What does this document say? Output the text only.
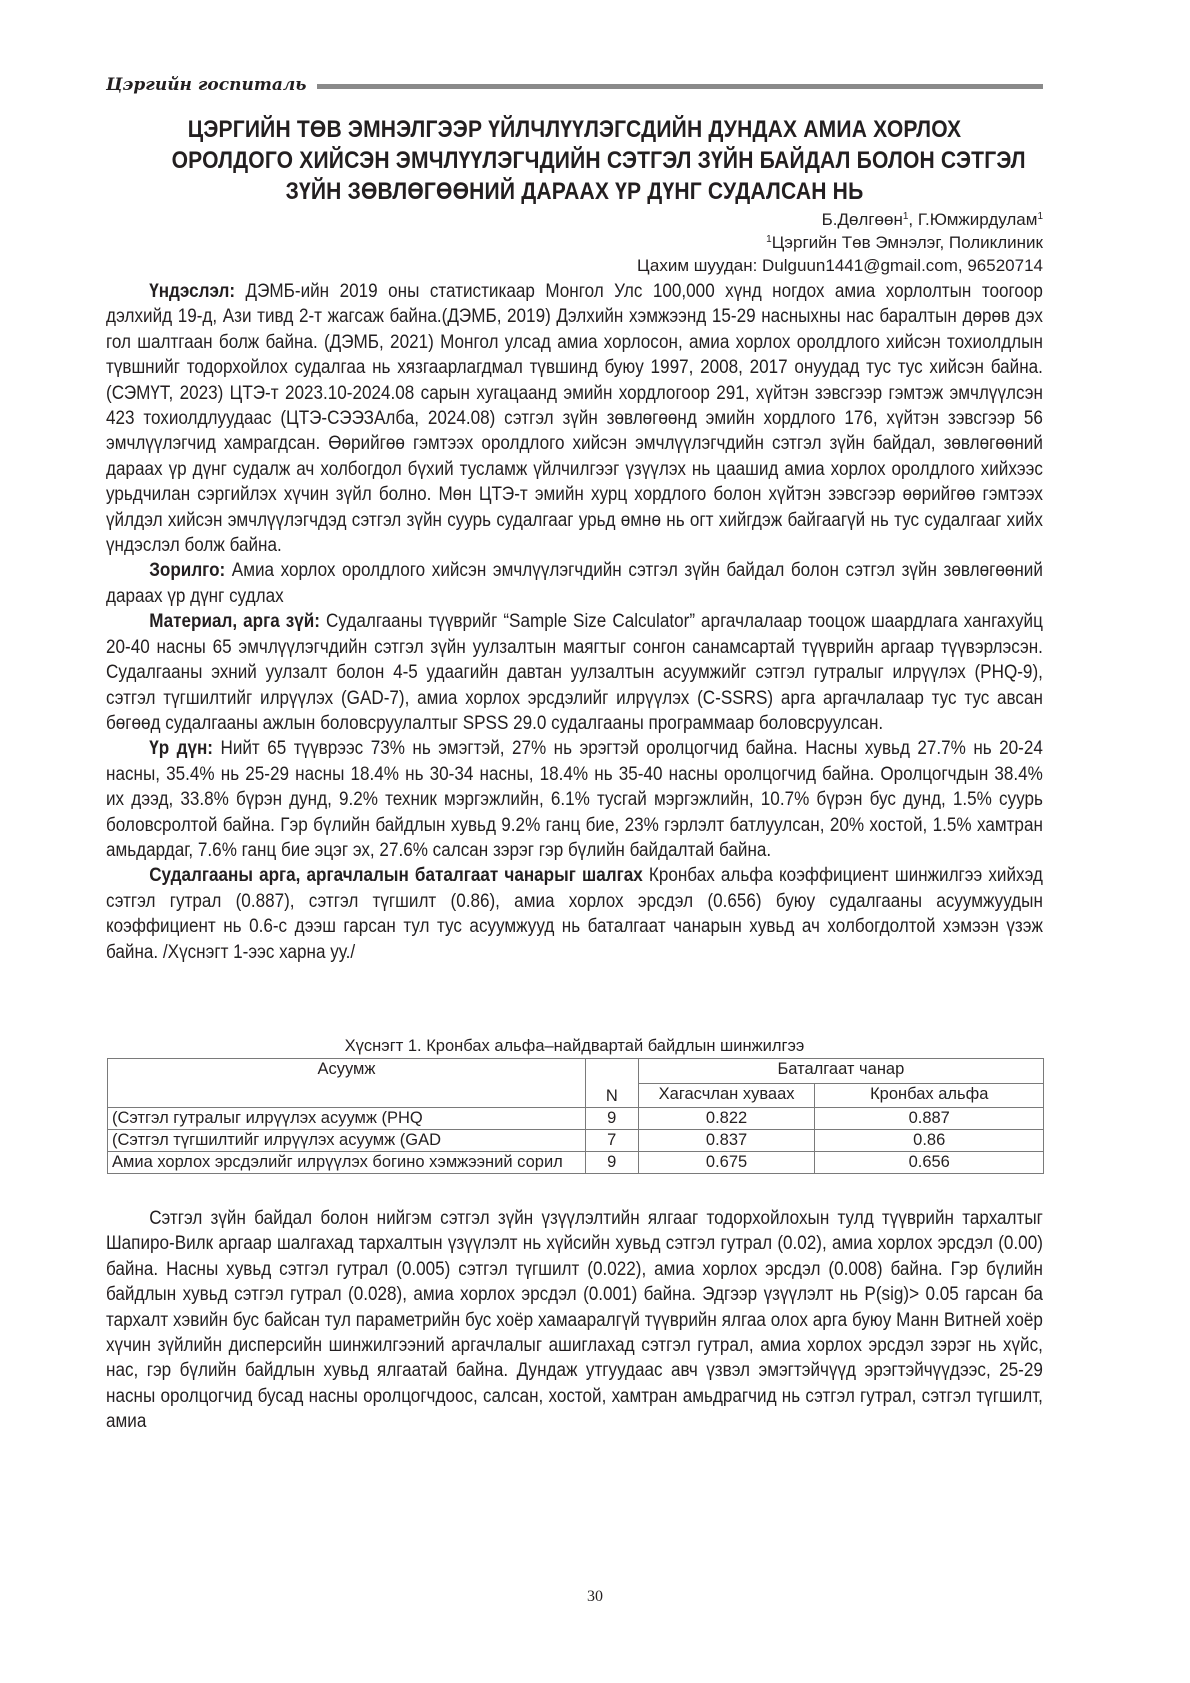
Цэргийн госпиталь
ЦЭРГИЙН ТӨВ ЭМНЭЛГЭЭР ҮЙЛЧЛҮҮЛЭГСДИЙН ДУНДАХ АМИА ХОРЛОХ
ОРОЛДОГО ХИЙСЭН ЭМЧЛҮҮЛЭГЧДИЙН СЭТГЭЛ ЗҮЙН БАЙДАЛ БОЛОН СЭТГЭЛ
ЗҮЙН ЗӨВЛӨГӨӨНИЙ ДАРААХ ҮР ДҮНГ СУДАЛСАН НЬ
Б.Дөлгөөн$^1$, Г.Юмжирдулам$^1$
$^1$Цэргийн Төв Эмнэлэг, Поликлиник
Цахим шуудан: Dulguun1441@gmail.com, 96520714

Үндэслэл: ДЭМБ-ийн 2019 оны статистикаар Монгол Улс 100,000 хүнд ногдох амиа хорлолтын тоогоор дэлхийд 19-д, Ази тивд 2-т жагсаж байна.(ДЭМБ, 2019) Дэлхийн хэмжээнд 15-29 насныхны нас баралтын дөрөв дэх гол шалтгаан болж байна. (ДЭМБ, 2021) Монгол улсад амиа хорлосон, амиа хорлох оролдлого хийсэн тохиолдлын түвшнийг тодорхойлох судалгаа нь хязгаарлагдмал түвшинд буюу 1997, 2008, 2017 онуудад тус тус хийсэн байна. (СЭМҮТ, 2023) ЦТЭ-т 2023.10-2024.08 сарын хугацаанд эмийн хордлогоор 291, хүйтэн зэвсгээр гэмтэж эмчлүүлсэн 423 тохиолдлуудаас (ЦТЭ-СЭЭЗАлба, 2024.08) сэтгэл зүйн зөвлөгөөнд эмийн хордлого 176, хүйтэн зэвсгээр 56 эмчлүүлэгчид хамрагдсан. Өөрийгөө гэмтээх оролдлого хийсэн эмчлүүлэгчдийн сэтгэл зүйн байдал, зөвлөгөөний дараах үр дүнг судалж ач холбогдол бүхий тусламж үйлчилгээг үзүүлэх нь цаашид амиа хорлох оролдлого хийхээс урьдчилан сэргийлэх хүчин зүйл болно. Мөн ЦТЭ-т эмийн хурц хордлого болон хүйтэн зэвсгээр өөрийгөө гэмтээх үйлдэл хийсэн эмчлүүлэгчдэд сэтгэл зүйн суурь судалгааг урьд өмнө нь огт хийгдэж байгаагүй нь тус судалгааг хийх үндэслэл болж байна.

Зорилго: Амиа хорлох оролдлого хийсэн эмчлүүлэгчдийн сэтгэл зүйн байдал болон сэтгэл зүйн зөвлөгөөний дараах үр дүнг судлах

Материал, арга зүй: Судалгааны түүврийг “Sample Size Calculator” аргачлалаар тооцож шаардлага хангахуйц 20-40 насны 65 эмчлүүлэгчдийн сэтгэл зүйн уулзалтын маягтыг сонгон санамсартай түүврийн аргаар түүвэрлэсэн. Судалгааны эхний уулзалт болон 4-5 удаагийн давтан уулзалтын асуумжийг сэтгэл гутралыг илрүүлэх (PHQ-9), сэтгэл түгшилтийг илрүүлэх (GAD-7), амиа хорлох эрсдэлийг илрүүлэх (C-SSRS) арга аргачлалаар тус тус авсан бөгөөд судалгааны ажлын боловсруулалтыг SPSS 29.0 судалгааны программаар боловсруулсан.

Үр дүн: Нийт 65 түүврээс 73% нь эмэгтэй, 27% нь эрэгтэй оролцогчид байна. Насны хувьд 27.7% нь 20-24 насны, 35.4% нь 25-29 насны 18.4% нь 30-34 насны, 18.4% нь 35-40 насны оролцогчид байна. Оролцогчдын 38.4% их дээд, 33.8% бүрэн дунд, 9.2% техник мэргэжлийн, 6.1% тусгай мэргэжлийн, 10.7% бүрэн бус дунд, 1.5% суурь боловсролтой байна. Гэр бүлийн байдлын хувьд 9.2% ганц бие, 23% гэрлэлт батлуулсан, 20% хостой, 1.5% хамтран амьдардаг, 7.6% ганц бие эцэг эх, 27.6% салсан зэрэг гэр бүлийн байдалтай байна.

Судалгааны арга, аргачлалын баталгаат чанарыг шалгах Кронбах альфа коэффициент шинжилгээ хийхэд сэтгэл гутрал (0.887), сэтгэл түгшилт (0.86), амиа хорлох эрсдэл (0.656) буюу судалгааны асуумжуудын коэффициент нь 0.6-с дээш гарсан тул тус асуумжууд нь баталгаат чанарын хувьд ач холбогдолтой хэмээн үзэж байна. /Хүснэгт 1-ээс харна уу./

Хүснэгт 1. Кронбах альфа–найдвартай байдлын шинжилгээ
Асуумж	N	Баталгаат чанар	
		Хагасчлан хуваах	Кронбах альфа
(Сэтгэл гутралыг илрүүлэх асуумж (PHQ	9	0.822	0.887
(Сэтгэл түгшилтийг илрүүлэх асуумж (GAD	7	0.837	0.86
Амиа хорлох эрсдэлийг илрүүлэх богино хэмжээний сорил	9	0.675	0.656

Сэтгэл зүйн байдал болон нийгэм сэтгэл зүйн үзүүлэлтийн ялгааг тодорхойлохын тулд түүврийн тархалтыг Шапиро-Вилк аргаар шалгахад тархалтын үзүүлэлт нь хүйсийн хувьд сэтгэл гутрал (0.02), амиа хорлох эрсдэл (0.00) байна. Насны хувьд сэтгэл гутрал (0.005) сэтгэл түгшилт (0.022), амиа хорлох эрсдэл (0.008) байна. Гэр бүлийн байдлын хувьд сэтгэл гутрал (0.028), амиа хорлох эрсдэл (0.001) байна. Эдгээр үзүүлэлт нь P(sig)> 0.05 гарсан ба тархалт хэвийн бус байсан тул параметрийн бус хоёр хамааралгүй түүврийн ялгаа олох арга буюу Манн Витней хоёр хүчин зүйлийн дисперсийн шинжилгээний аргачлалыг ашиглахад сэтгэл гутрал, амиа хорлох эрсдэл зэрэг нь хүйс, нас, гэр бүлийн байдлын хувьд ялгаатай байна. Дундаж утгуудаас авч үзвэл эмэгтэйчүүд эрэгтэйчүүдээс, 25-29 насны оролцогчид бусад насны оролцогчдоос, салсан, хостой, хамтран амьдрагчид нь сэтгэл гутрал, сэтгэл түгшилт, амиа

30
